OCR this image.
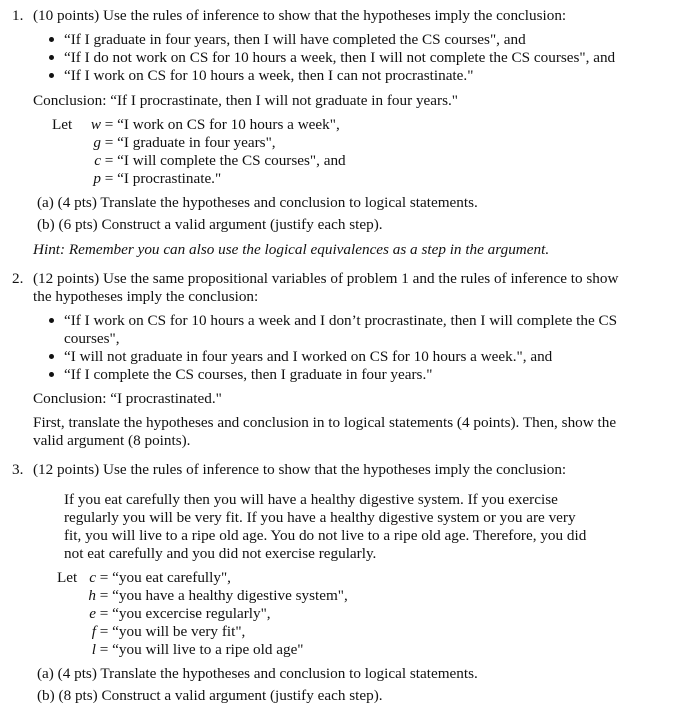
1. (10 points) Use the rules of inference to show that the hypotheses imply the conclusion:
“If I graduate in four years, then I will have completed the CS courses", and
“If I do not work on CS for 10 hours a week, then I will not complete the CS courses", and
“If I work on CS for 10 hours a week, then I can not procrastinate."
Conclusion: “If I procrastinate, then I will not graduate in four years."
Let	w = “I work on CS for 10 hours a week",
g = “I graduate in four years",
c = “I will complete the CS courses", and
p = “I procrastinate."
(a) (4 pts) Translate the hypotheses and conclusion to logical statements.
(b) (6 pts) Construct a valid argument (justify each step).
Hint: Remember you can also use the logical equivalences as a step in the argument.
2. (12 points) Use the same propositional variables of problem 1 and the rules of inference to show
the hypotheses imply the conclusion:
“If I work on CS for 10 hours a week and I don’t procrastinate, then I will complete the CS
courses",
“I will not graduate in four years and I worked on CS for 10 hours a week.", and
“If I complete the CS courses, then I graduate in four years."
Conclusion: “I procrastinated."
First, translate the hypotheses and conclusion in to logical statements (4 points). Then, show the
valid argument (8 points).
3. (12 points) Use the rules of inference to show that the hypotheses imply the conclusion:
If you eat carefully then you will have a healthy digestive system. If you exercise
regularly you will be very fit. If you have a healthy digestive system or you are very
fit, you will live to a ripe old age. You do not live to a ripe old age. Therefore, you did
not eat carefully and you did not exercise regularly.
Let c = “you eat carefully",
h = “you have a healthy digestive system",
e = “you excercise regularly",
f = “you will be very fit",
l = “you will live to a ripe old age"
(a) (4 pts) Translate the hypotheses and conclusion to logical statements.
(b) (8 pts) Construct a valid argument (justify each step).
